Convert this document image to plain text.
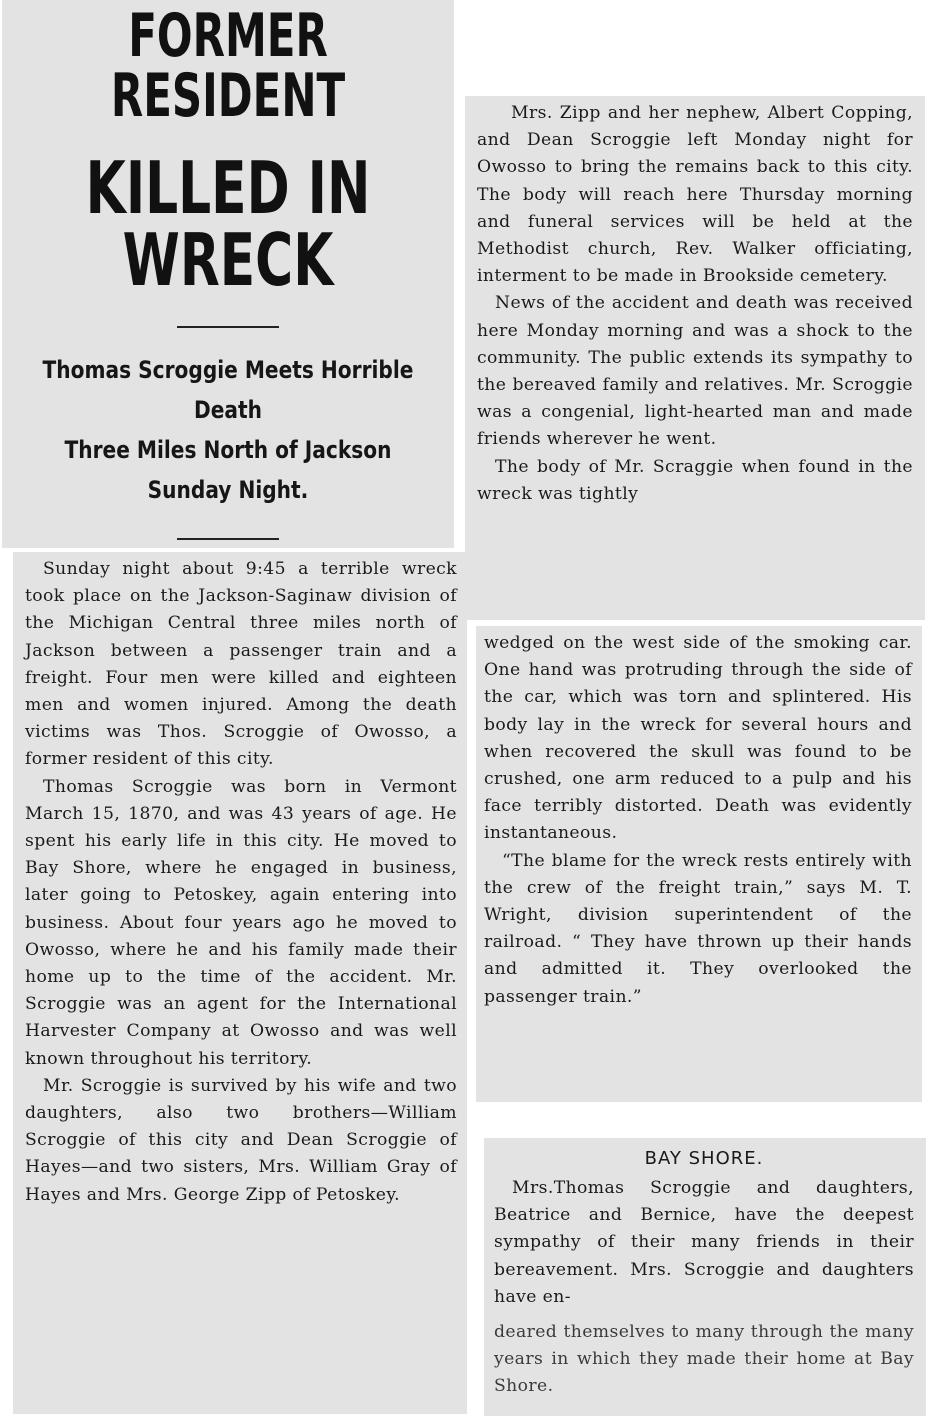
FORMER RESIDENT
KILLED IN WRECK
Thomas Scroggie Meets Horrible Death
Three Miles North of Jackson
Sunday Night.

Sunday night about 9:45 a terrible wreck took place on the Jackson-Saginaw division of the Michigan Central three miles north of Jackson between a passenger train and a freight. Four men were killed and eighteen men and women injured. Among the death victims was Thos. Scroggie of Owosso, a former resident of this city.

Thomas Scroggie was born in Vermont March 15, 1870, and was 43 years of age. He spent his early life in this city. He moved to Bay Shore, where he engaged in business, later going to Petoskey, again entering into business. About four years ago he moved to Owosso, where he and his family made their home up to the time of the accident. Mr. Scroggie was an agent for the International Harvester Company at Owosso and was well known throughout his territory.

Mr. Scroggie is survived by his wife and two daughters, also two brothers—William Scroggie of this city and Dean Scroggie of Hayes—and two sisters, Mrs. William Gray of Hayes and Mrs. George Zipp of Petoskey.

Mrs. Zipp and her nephew, Albert Copping, and Dean Scroggie left Monday night for Owosso to bring the remains back to this city. The body will reach here Thursday morning and funeral services will be held at the Methodist church, Rev. Walker officiating, interment to be made in Brookside cemetery.

News of the accident and death was received here Monday morning and was a shock to the community. The public extends its sympathy to the bereaved family and relatives. Mr. Scroggie was a congenial, light-hearted man and made friends wherever he went.

The body of Mr. Scraggie when found in the wreck was tightly

wedged on the west side of the smoking car. One hand was protruding through the side of the car, which was torn and splintered. His body lay in the wreck for several hours and when recovered the skull was found to be crushed, one arm reduced to a pulp and his face terribly distorted. Death was evidently instantaneous.

“The blame for the wreck rests entirely with the crew of the freight train,” says M. T. Wright, division superintendent of the railroad. “ They have thrown up their hands and admitted it. They overlooked the passenger train.”

BAY SHORE.

Mrs.Thomas Scroggie and daughters, Beatrice and Bernice, have the deepest sympathy of their many friends in their bereavement. Mrs. Scroggie and daughters have en-

deared themselves to many through the many years in which they made their home at Bay Shore.
